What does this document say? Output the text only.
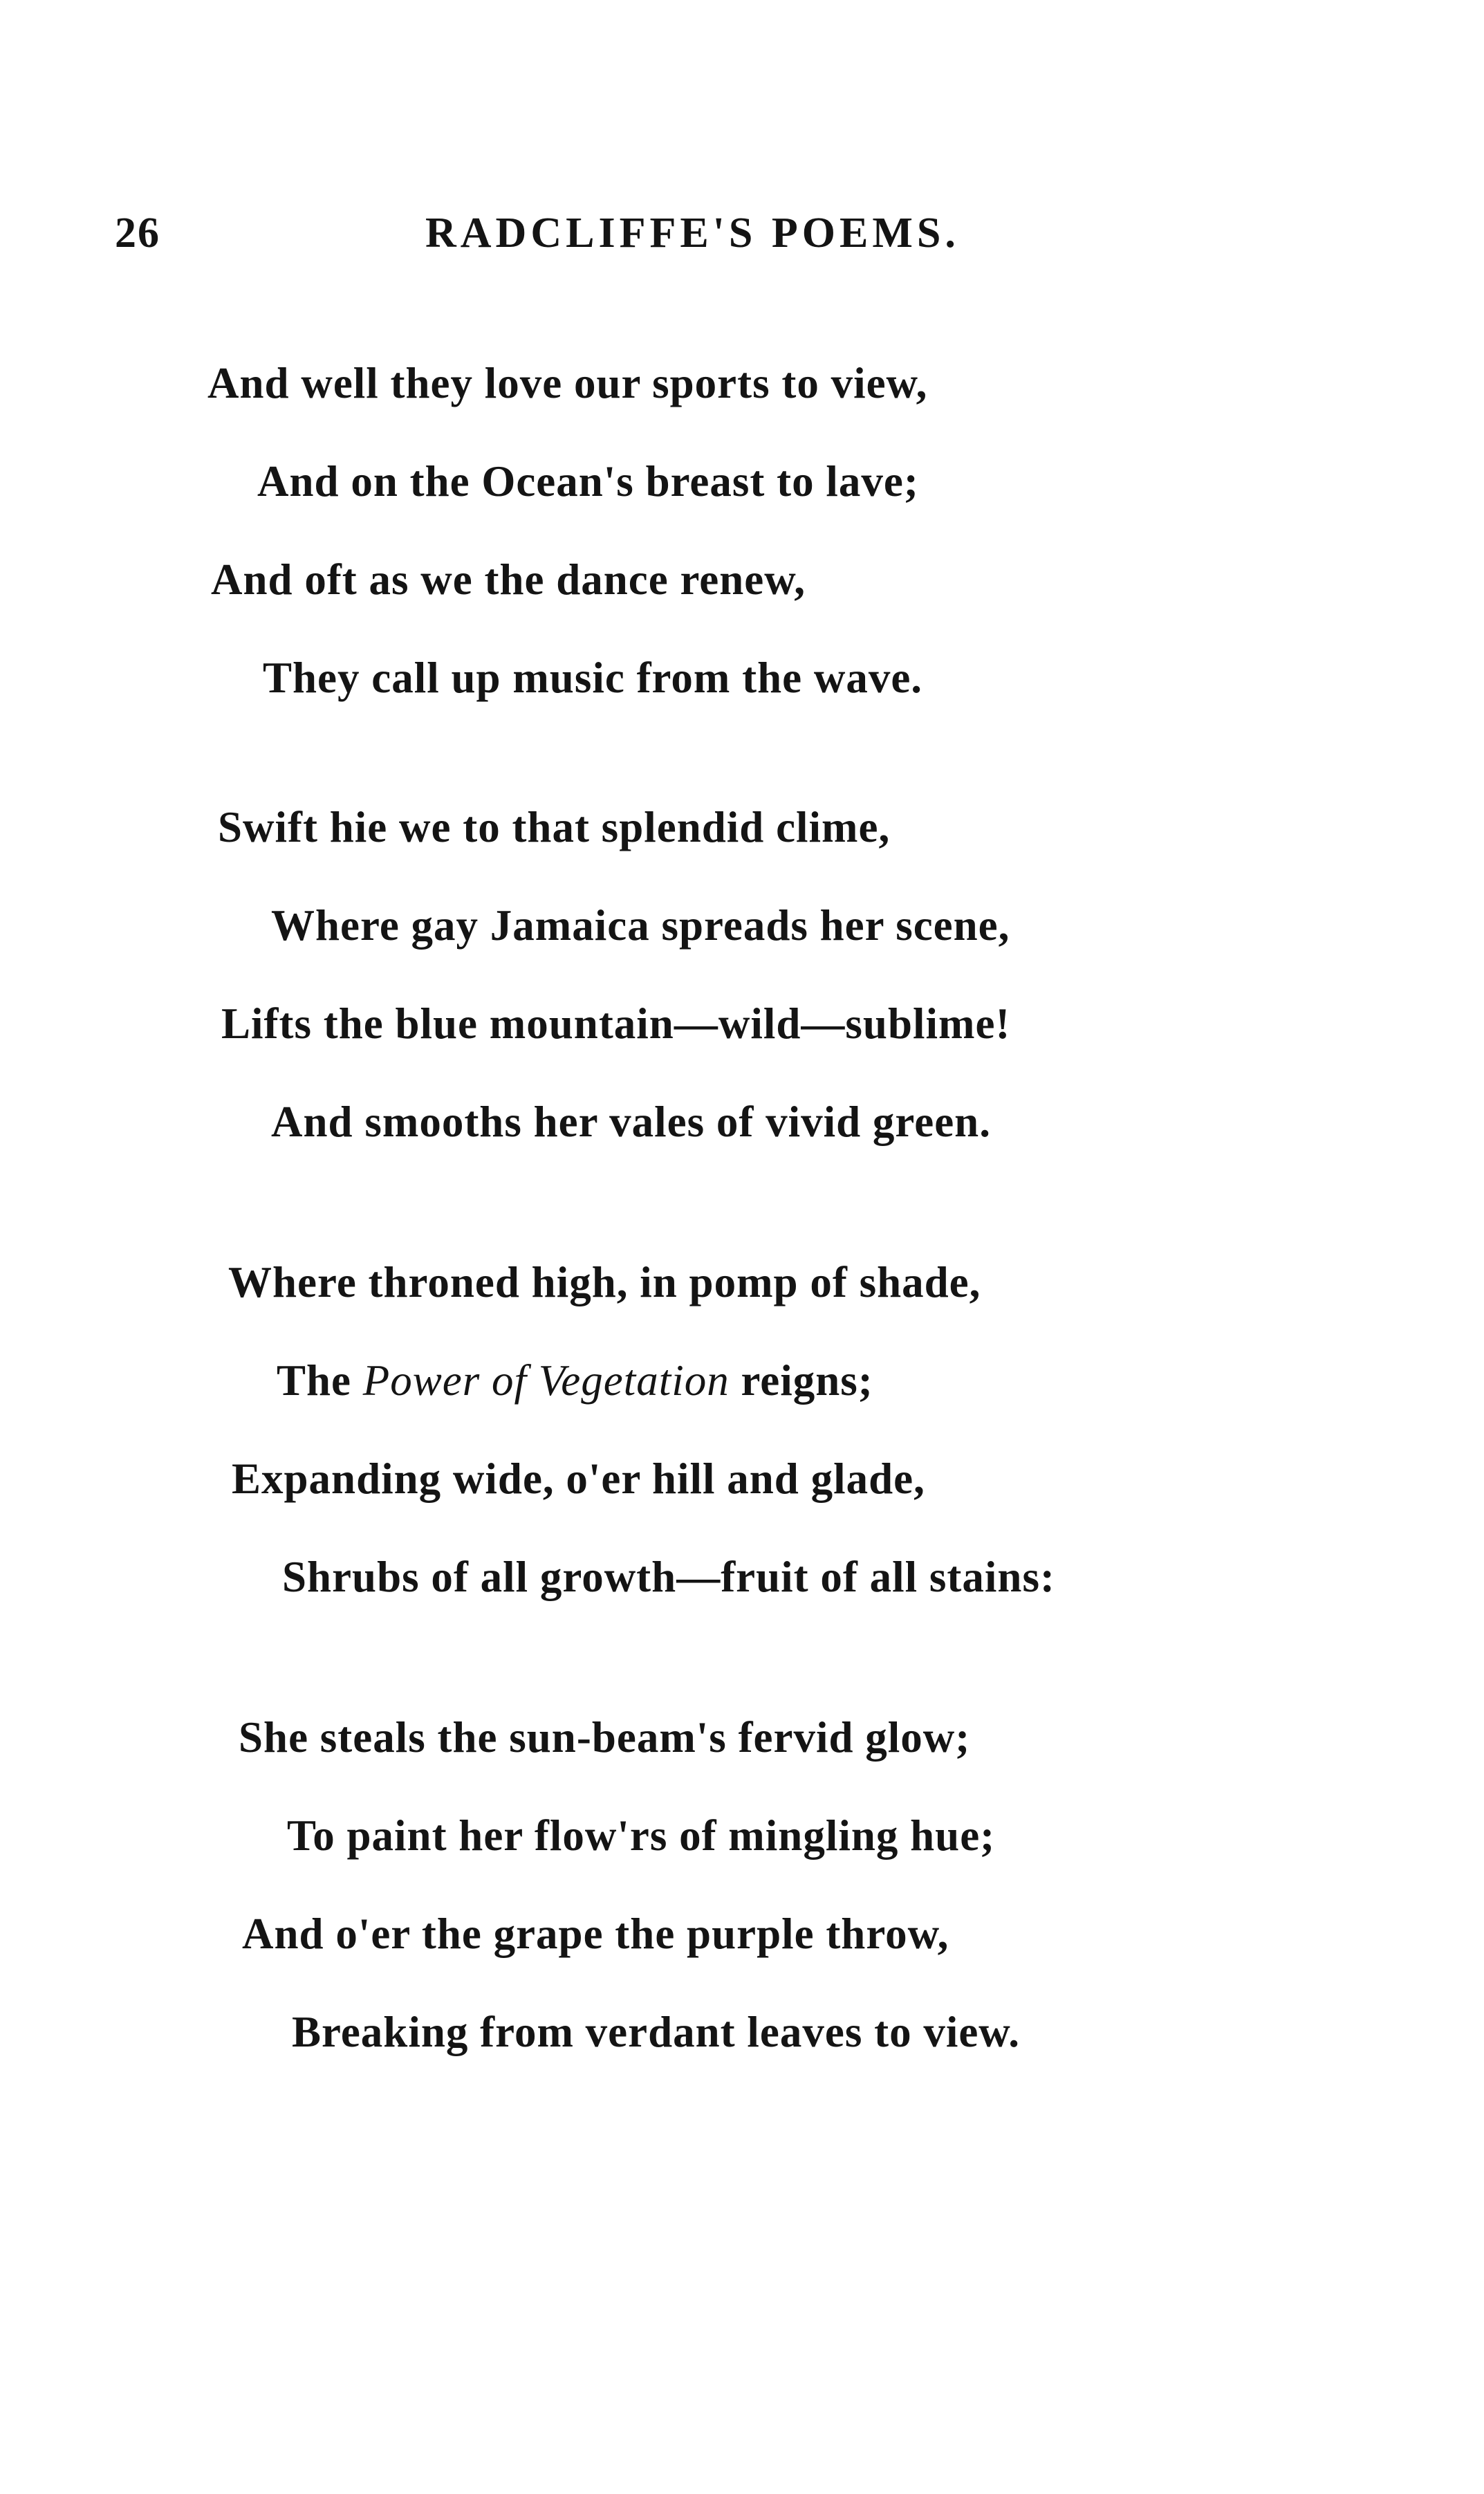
26	RADCLIFFE'S POEMS.
And well they love our sports to view,
And on the Ocean's breast to lave;
And oft as we the dance renew,
They call up music from the wave.
Swift hie we to that splendid clime,
Where gay Jamaica spreads her scene,
Lifts the blue mountain—wild—sublime!
And smooths her vales of vivid green.
Where throned high, in pomp of shade,
The Power of Vegetation reigns;
Expanding wide, o'er hill and glade,
Shrubs of all growth—fruit of all stains:
She steals the sun-beam's fervid glow;
To paint her flow'rs of mingling hue;
And o'er the grape the purple throw,
Breaking from verdant leaves to view.
